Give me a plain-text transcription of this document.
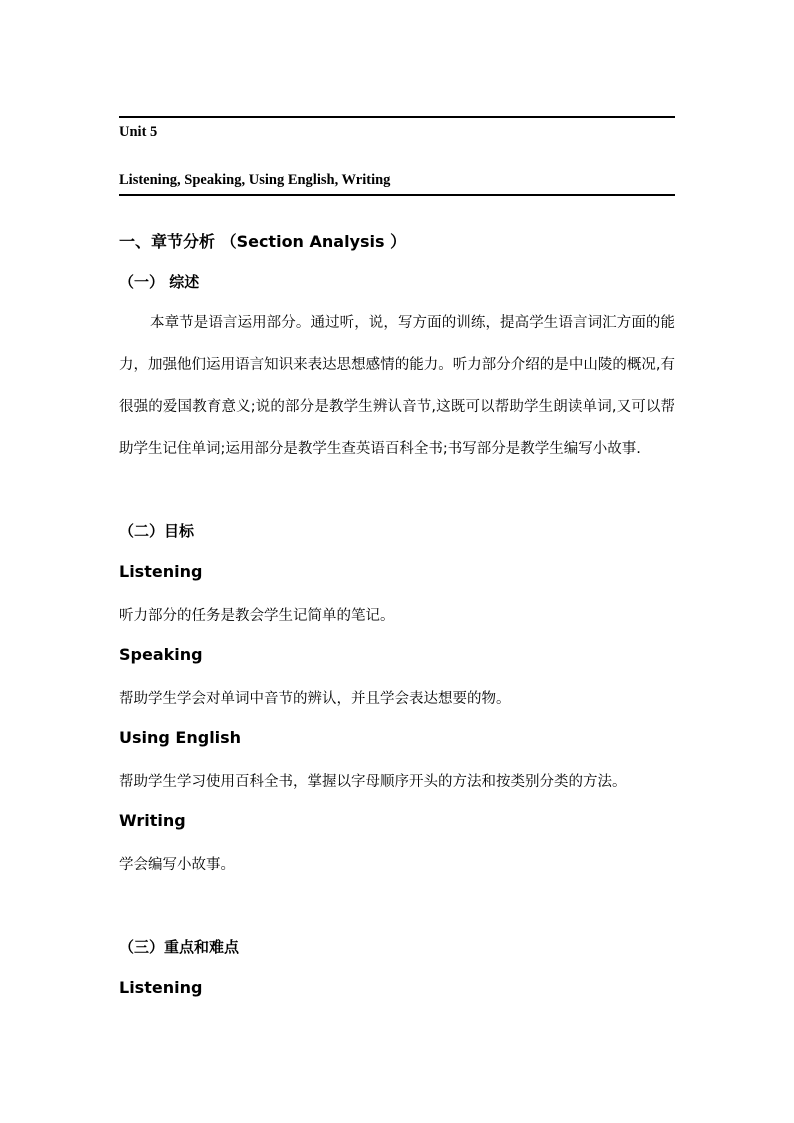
Unit 5
Listening, Speaking, Using English, Writing
一、章节分析 （Section Analysis ）
（一） 综述
本章节是语言运用部分。通过听，说，写方面的训练，提高学生语言词汇方面的能力，加强他们运用语言知识来表达思想感情的能力。听力部分介绍的是中山陵的概况,有很强的爱国教育意义;说的部分是教学生辨认音节,这既可以帮助学生朗读单词,又可以帮助学生记住单词;运用部分是教学生查英语百科全书;书写部分是教学生编写小故事.
（二）目标
Listening
听力部分的任务是教会学生记简单的笔记。
Speaking
帮助学生学会对单词中音节的辨认，并且学会表达想要的物。
Using English
帮助学生学习使用百科全书，掌握以字母顺序开头的方法和按类别分类的方法。
Writing
学会编写小故事。
（三）重点和难点
Listening
